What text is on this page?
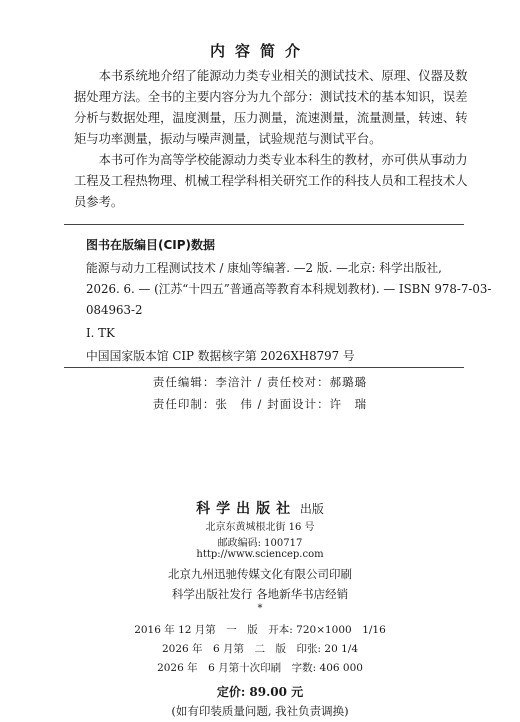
内容简介

本书系统地介绍了能源动力类专业相关的测试技术、原理、仪器及数据处理方法。全书的主要内容分为九个部分：测试技术的基本知识，误差分析与数据处理，温度测量，压力测量，流速测量，流量测量，转速、转矩与功率测量，振动与噪声测量，试验规范与测试平台。

本书可作为高等学校能源动力类专业本科生的教材，亦可供从事动力工程及工程热物理、机械工程学科相关研究工作的科技人员和工程技术人员参考。

图书在版编目(CIP)数据
能源与动力工程测试技术 / 康灿等编著. —2 版. —北京: 科学出版社,
2026. 6. — (江苏“十四五”普通高等教育本科规划教材). — ISBN 978-7-03-
084963-2
Ⅰ. TK
中国国家版本馆 CIP 数据核字第 2026XH8797 号
责任编辑：李涪汁 / 责任校对：郝璐璐
责任印制：张　伟 / 封面设计：许　瑞
科学出版社 出版
北京东黄城根北街 16 号
邮政编码: 100717
http://www.sciencep.com
北京九州迅驰传媒文化有限公司印刷
科学出版社发行 各地新华书店经销
*
2016 年 12 月第　一　版　开本: 720×1000　1/16
2026 年　6 月第　二　版　印张: 20 1/4
2026 年　6 月第十次印刷　字数: 406 000
定价: 89.00 元
(如有印装质量问题, 我社负责调换)
